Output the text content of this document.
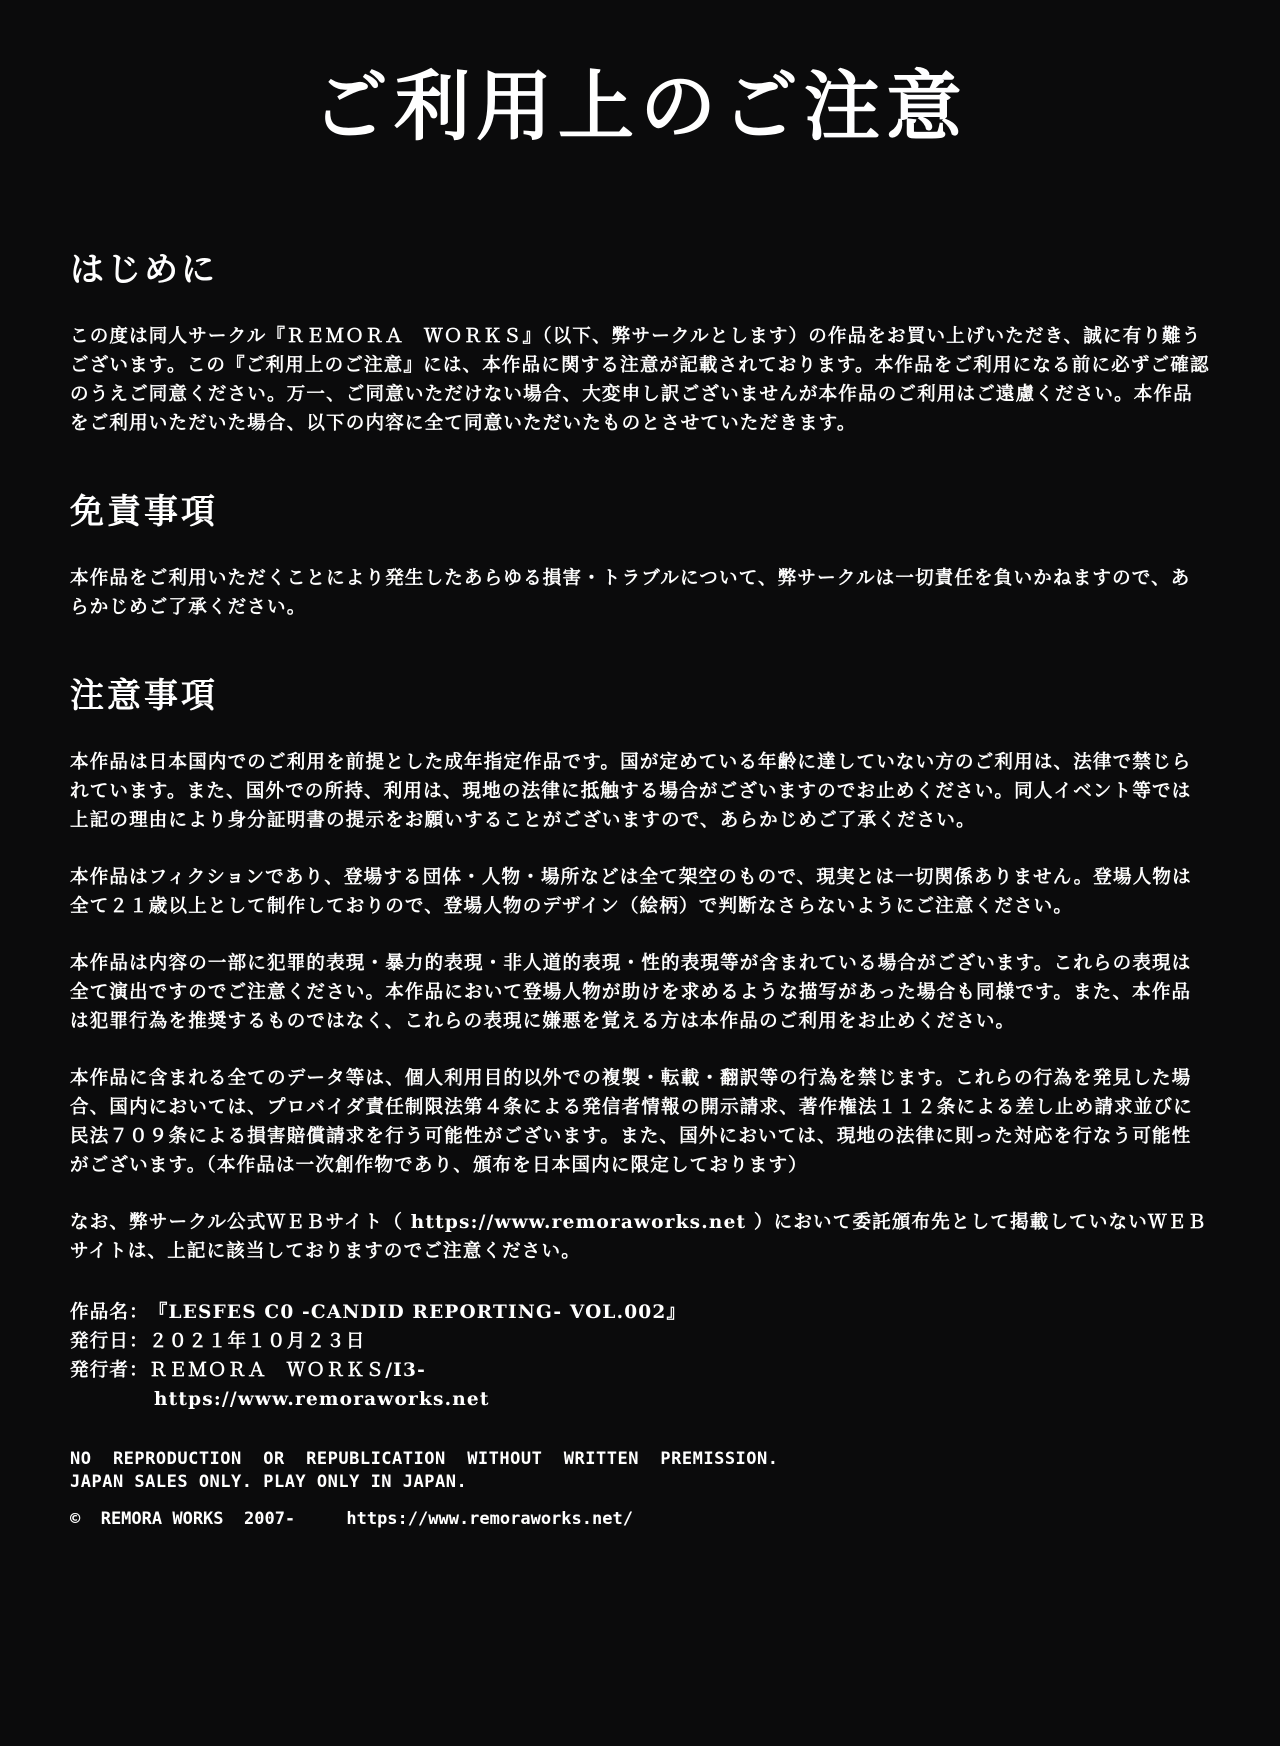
ご利用上のご注意
はじめに

この度は同人サークル『ＲＥＭＯＲＡ　ＷＯＲＫＳ』（以下、弊サークルとします）の作品をお買い上げいただき、誠に有り難うございます。この『ご利用上のご注意』には、本作品に関する注意が記載されております。本作品をご利用になる前に必ずご確認のうえご同意ください。万一、ご同意いただけない場合、大変申し訳ございませんが本作品のご利用はご遠慮ください。本作品をご利用いただいた場合、以下の内容に全て同意いただいたものとさせていただきます。

免責事項

本作品をご利用いただくことにより発生したあらゆる損害・トラブルについて、弊サークルは一切責任を負いかねますので、あらかじめご了承ください。

注意事項

本作品は日本国内でのご利用を前提とした成年指定作品です。国が定めている年齢に達していない方のご利用は、法律で禁じられています。また、国外での所持、利用は、現地の法律に抵触する場合がございますのでお止めください。同人イベント等では上記の理由により身分証明書の提示をお願いすることがございますので、あらかじめご了承ください。

本作品はフィクションであり、登場する団体・人物・場所などは全て架空のもので、現実とは一切関係ありません。登場人物は全て２１歳以上として制作しておりので、登場人物のデザイン（絵柄）で判断なさらないようにご注意ください。

本作品は内容の一部に犯罪的表現・暴力的表現・非人道的表現・性的表現等が含まれている場合がございます。これらの表現は全て演出ですのでご注意ください。本作品において登場人物が助けを求めるような描写があった場合も同様です。また、本作品は犯罪行為を推奨するものではなく、これらの表現に嫌悪を覚える方は本作品のご利用をお止めください。

本作品に含まれる全てのデータ等は、個人利用目的以外での複製・転載・翻訳等の行為を禁じます。これらの行為を発見した場合、国内においては、プロバイダ責任制限法第４条による発信者情報の開示請求、著作権法１１２条による差し止め請求並びに民法７０９条による損害賠償請求を行う可能性がございます。また、国外においては、現地の法律に則った対応を行なう可能性がございます。（本作品は一次創作物であり、頒布を日本国内に限定しております）

なお、弊サークル公式ＷＥＢサイト（ https://www.remoraworks.net ）において委託頒布先として掲載していないＷＥＢサイトは、上記に該当しておりますのでご注意ください。

作品名： 『LESFES C0 -CANDID REPORTING- VOL.002』
発行日： ２０２１年１０月２３日
発行者： ＲＥＭＯＲＡ　ＷＯＲＫＳ/I3-
https://www.remoraworks.net
NO  REPRODUCTION  OR  REPUBLICATION  WITHOUT  WRITTEN  PREMISSION.
JAPAN SALES ONLY. PLAY ONLY IN JAPAN.
©  REMORA WORKS  2007-	https://www.remoraworks.net/
